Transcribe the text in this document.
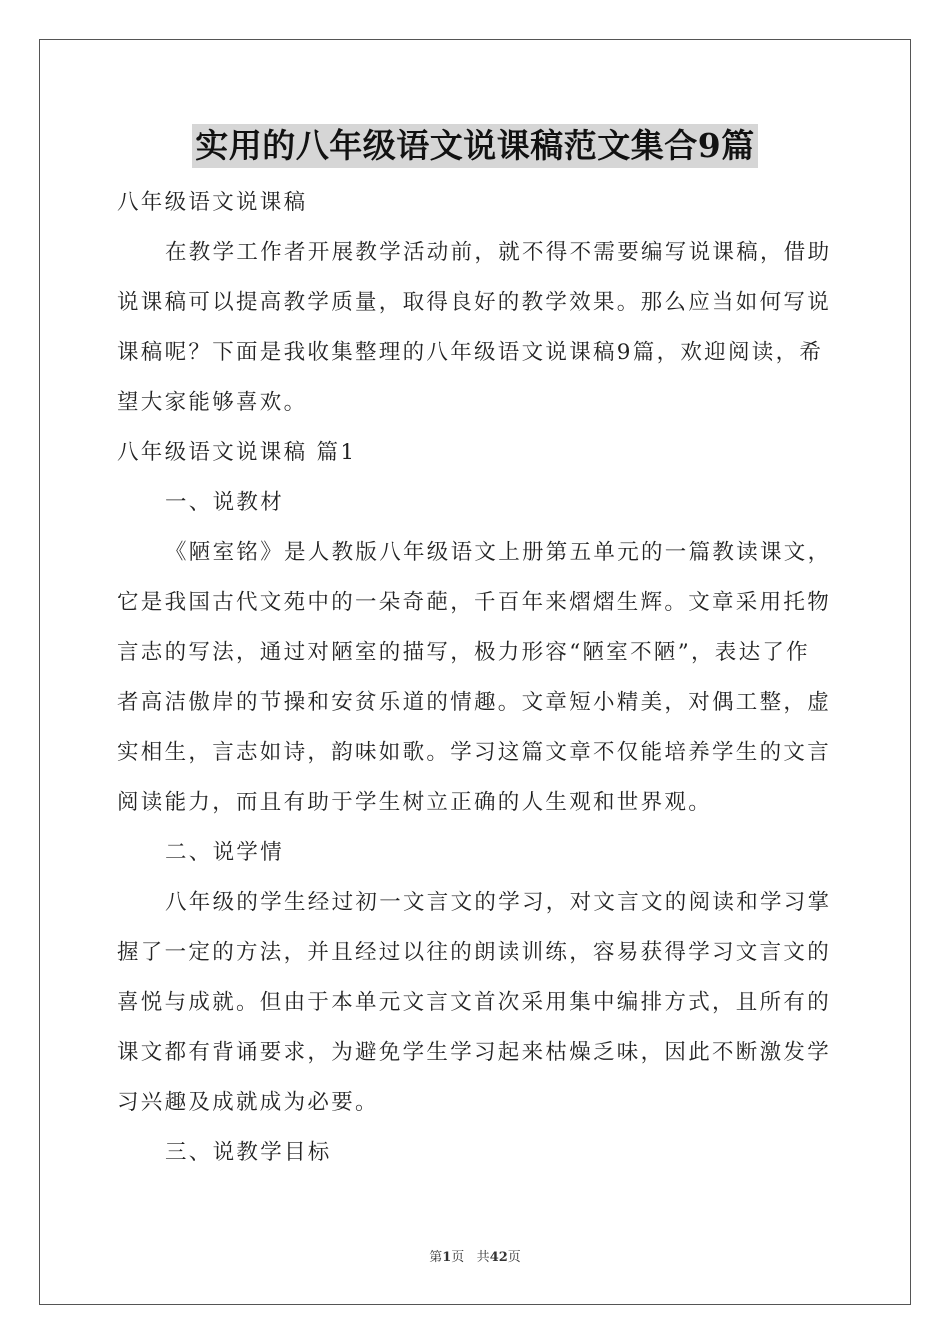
实用的八年级语文说课稿范文集合9篇
八年级语文说课稿
在教学工作者开展教学活动前，就不得不需要编写说课稿，借助
说课稿可以提高教学质量，取得良好的教学效果。那么应当如何写说
课稿呢？下面是我收集整理的八年级语文说课稿9篇，欢迎阅读，希
望大家能够喜欢。
八年级语文说课稿 篇1
一、说教材
《陋室铭》是人教版八年级语文上册第五单元的一篇教读课文，
它是我国古代文苑中的一朵奇葩，千百年来熠熠生辉。文章采用托物
言志的写法，通过对陋室的描写，极力形容“陋室不陋”，表达了作
者高洁傲岸的节操和安贫乐道的情趣。文章短小精美，对偶工整，虚
实相生，言志如诗，韵味如歌。学习这篇文章不仅能培养学生的文言
阅读能力，而且有助于学生树立正确的人生观和世界观。
二、说学情
八年级的学生经过初一文言文的学习，对文言文的阅读和学习掌
握了一定的方法，并且经过以往的朗读训练，容易获得学习文言文的
喜悦与成就。但由于本单元文言文首次采用集中编排方式，且所有的
课文都有背诵要求，为避免学生学习起来枯燥乏味，因此不断激发学
习兴趣及成就成为必要。
三、说教学目标
第1页 共42页
